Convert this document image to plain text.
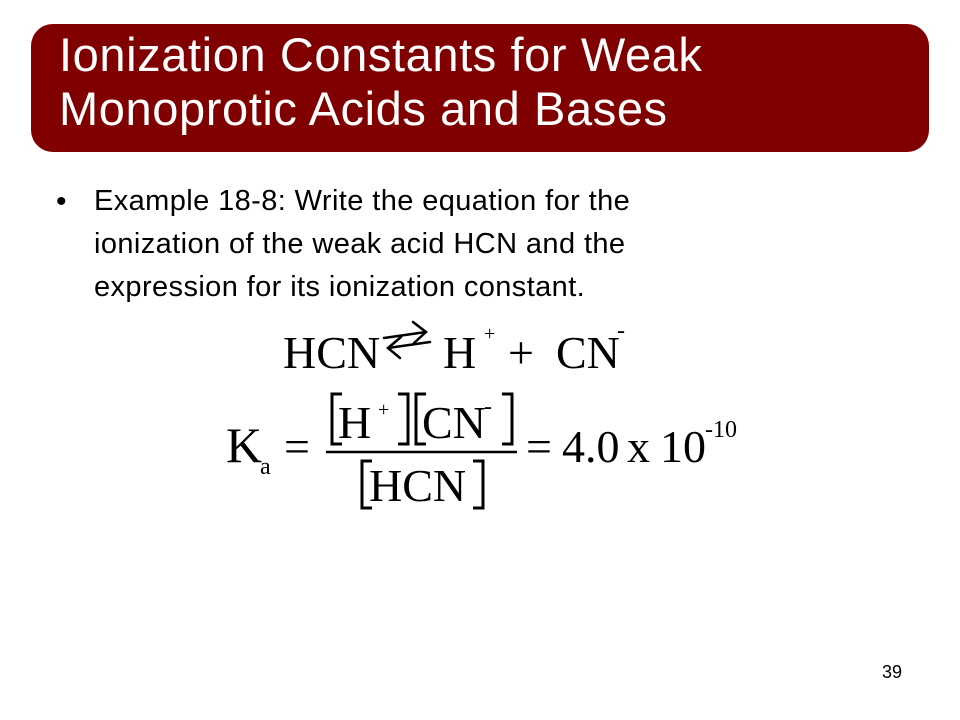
Ionization Constants for Weak
Monoprotic Acids and Bases
• Example 18-8: Write the equation for the
ionization of the weak acid HCN and the
expression for its ionization constant.
HCN H + + CN
-
K
a = H + CN
-
HCN
= 4.0 x 10 -10
39
